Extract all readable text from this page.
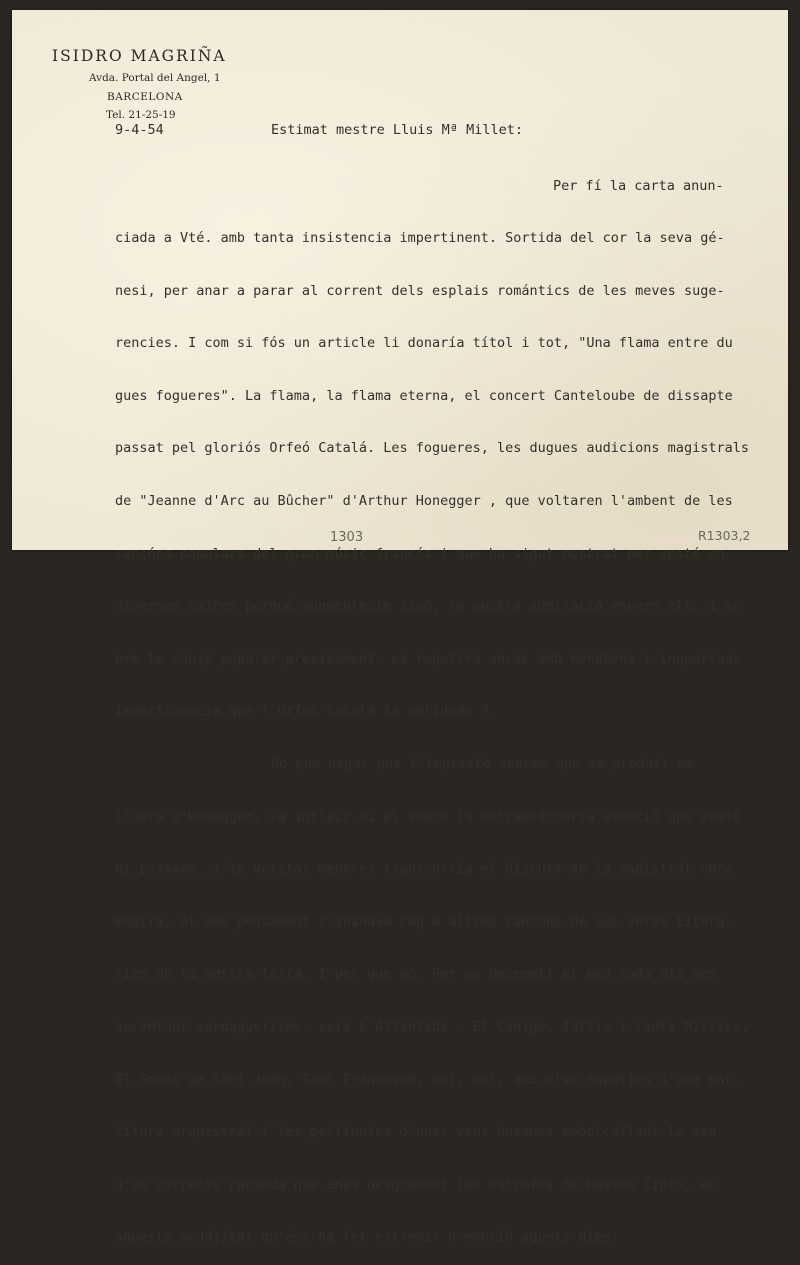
ISIDRO MAGRIÑA
Avda. Portal del Angel, 1
BARCELONA
Tel. 21-25-19
9-4-54	Estimat mestre Lluis Mª Millet:

Per fí la carta anun-

ciada a Vté. amb tanta insistencia impertinent. Sortida del cor la seva gé-

nesi, per anar a parar al corrent dels esplais romántics de les meves suge-

rencies. I com si fós un article li donaría títol i tot, "Una flama entre du

gues fogueres". La flama, la flama eterna, el concert Canteloube de dissapte

passat pel gloriós Orfeó Catalá. Les fogueres, les dugues audicions magistrals

de "Jeanne d'Arc au Bûcher" d'Arthur Honegger , que voltaren l'ambent de les

cançóns populars del gran músic francés i que ha sigut mostrat per vosté en

diversos caires perqué augmentesim sinó, la nostra admiració envers ell. I so

bre la cançó popular precisament, es repetirá encar amb monótona i inoportuna

impertinencia que l'Orfeó Catalá té oblidada ?.

No puc negar que l'impresió enorme que va produir-me

l'obra d'Honegger, va influir-mi el veure la extraordinaria atenció que vosté

hi possava, i la veritat mentres transcorría el discurs de la magistral obra

mestra, el meu pensament s'ananava cap a altres cantons de les obres litera-

ries de la nostra terra. I per que nó. Per no desmentí el meu cada día mes

accentuat verdaguerisme, veia L'Atlántida , El Canigó, Idilis i Cants Místics,

El Somni de Sant Joan, Sant Francesch, ect, ect, amb else ropatjes d'una par-

titura orquestral i les polifonies d'unes veus humanes embolcallant la veu

d'un correcte rapsoda que anés desgranant les estrofes de Mossén Cinto, en

aquesta modalitat qu'éns ha fet extremir d'emoció aquets díes.

1303	R1303,2
